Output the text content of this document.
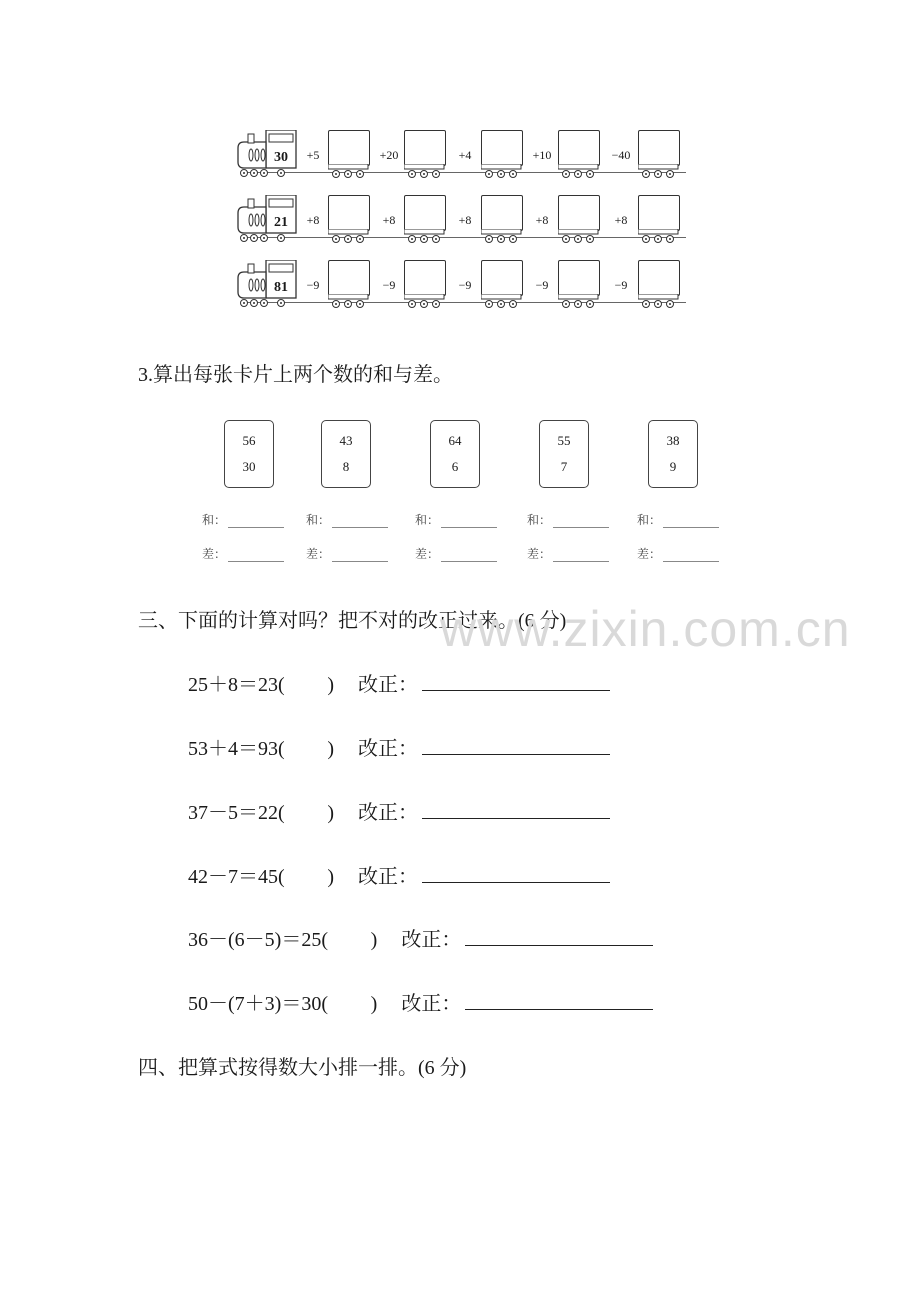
30	+5	+20	+4	+10	−40
21	+8	+8	+8	+8	+8
81	−9	−9	−9	−9	−9
3.算出每张卡片上两个数的和与差。
56
30
和：
差：
43
8
和：
差：
64
6
和：
差：
55
7
和：
差：
38
9
和：
差：
三、下面的计算对吗？把不对的改正过来。(6 分)
25＋8＝23 (
) 改正：
53＋4＝93 (
) 改正：
37－5＝22 (
) 改正：
42－7＝45 (
) 改正：
36－(6－5)＝25 (
) 改正：
50－(7＋3)＝30 (
) 改正：
四、把算式按得数大小排一排。(6 分)
www.zixin.com.cn
